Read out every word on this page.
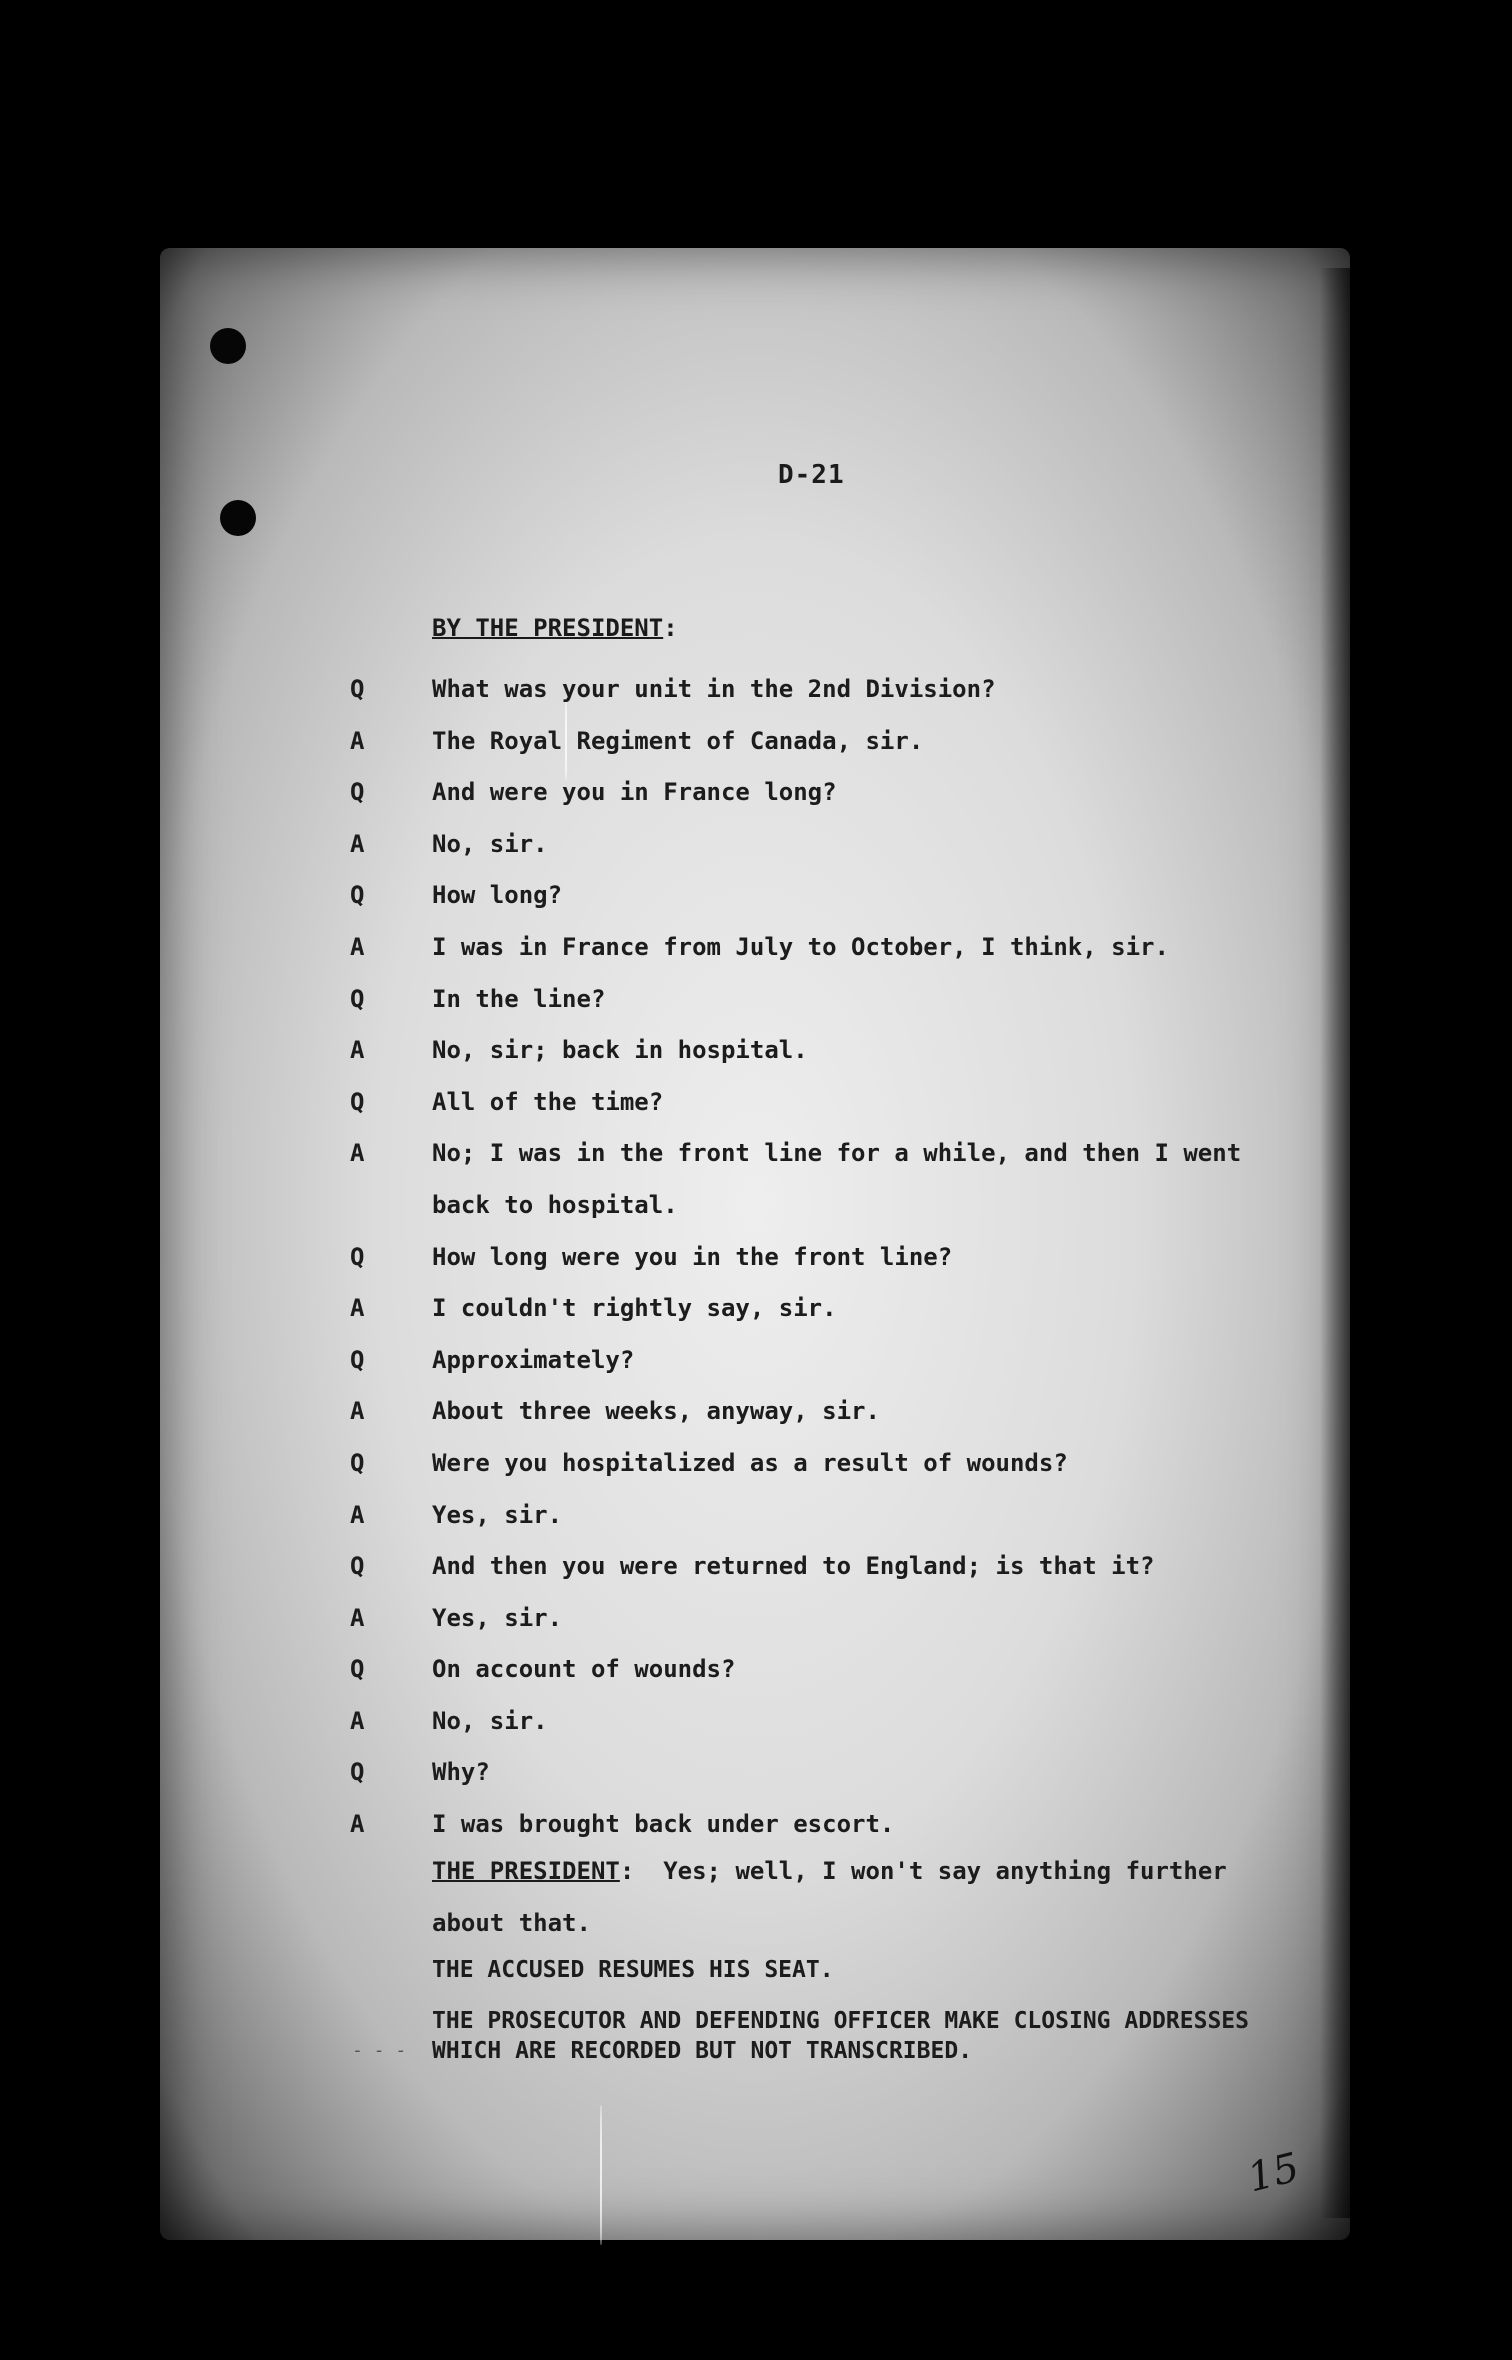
D-21
BY THE PRESIDENT:
Q	What was your unit in the 2nd Division?
A	The Royal Regiment of Canada, sir.
Q	And were you in France long?
A	No, sir.
Q	How long?
A	I was in France from July to October, I think, sir.
Q	In the line?
A	No, sir; back in hospital.
Q	All of the time?
A	No; I was in the front line for a while, and then I went
back to hospital.
Q	How long were you in the front line?
A	I couldn't rightly say, sir.
Q	Approximately?
A	About three weeks, anyway, sir.
Q	Were you hospitalized as a result of wounds?
A	Yes, sir.
Q	And then you were returned to England; is that it?
A	Yes, sir.
Q	On account of wounds?
A	No, sir.
Q	Why?
A	I was brought back under escort.
THE PRESIDENT: Yes; well, I won't say anything further
about that.
THE ACCUSED RESUMES HIS SEAT.
THE PROSECUTOR AND DEFENDING OFFICER MAKE CLOSING ADDRESSES
WHICH ARE RECORDED BUT NOT TRANSCRIBED.
- - -
15
